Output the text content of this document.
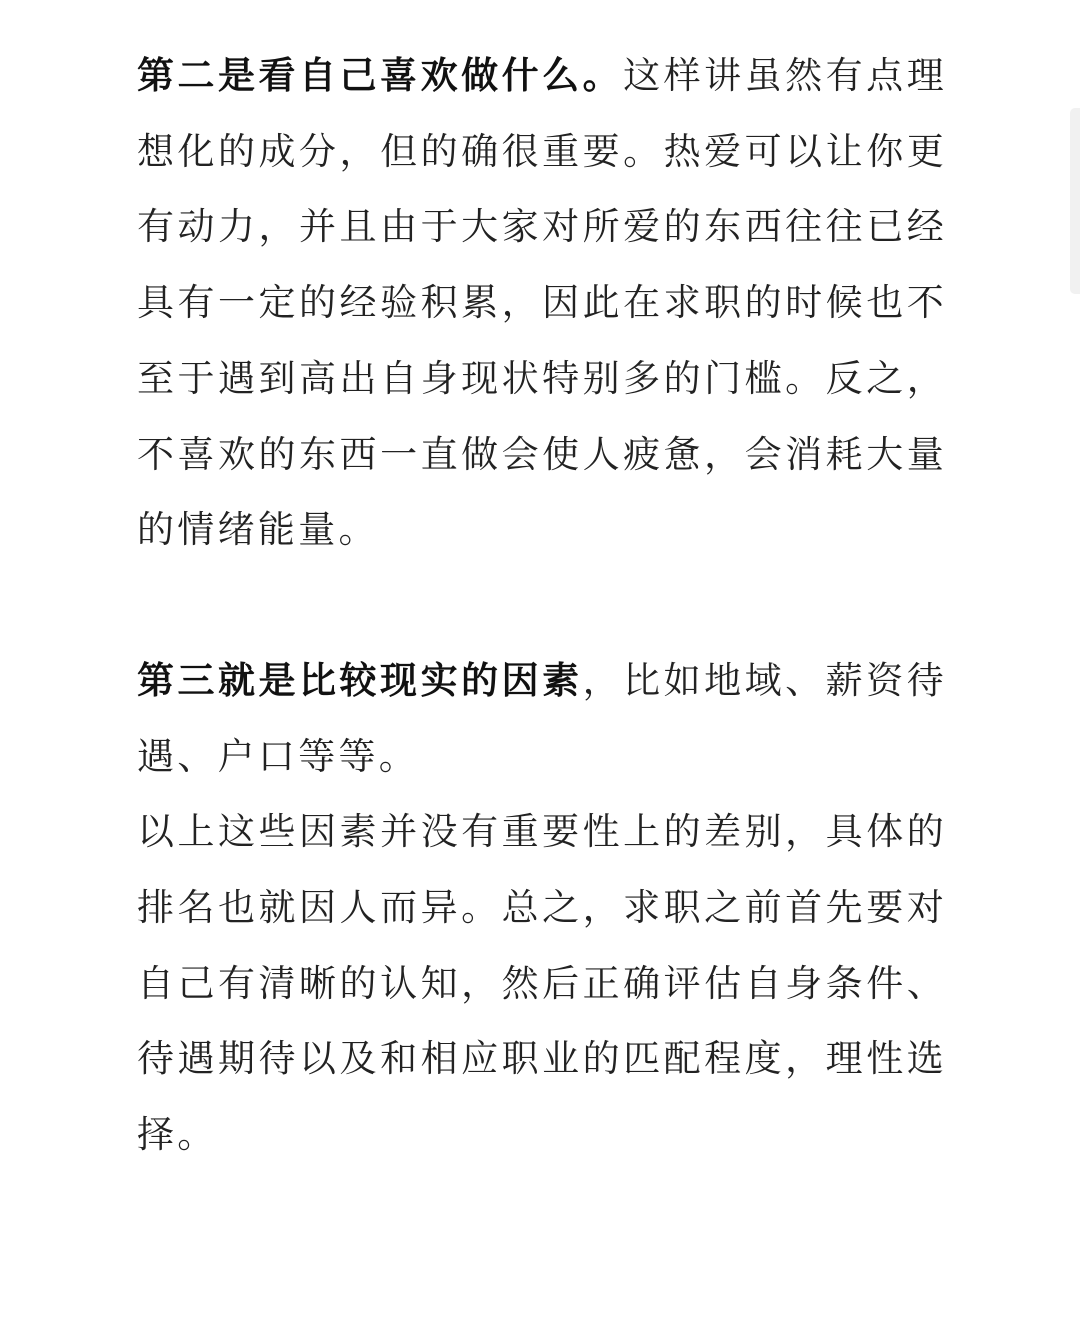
第二是看自己喜欢做什么。这样讲虽然有点理想化的成分，但的确很重要。热爱可以让你更有动力，并且由于大家对所爱的东西往往已经具有一定的经验积累，因此在求职的时候也不至于遇到高出自身现状特别多的门槛。反之，不喜欢的东西一直做会使人疲惫，会消耗大量的情绪能量。

第三就是比较现实的因素，比如地域、薪资待遇、户口等等。

以上这些因素并没有重要性上的差别，具体的排名也就因人而异。总之，求职之前首先要对自己有清晰的认知，然后正确评估自身条件、待遇期待以及和相应职业的匹配程度，理性选择。
